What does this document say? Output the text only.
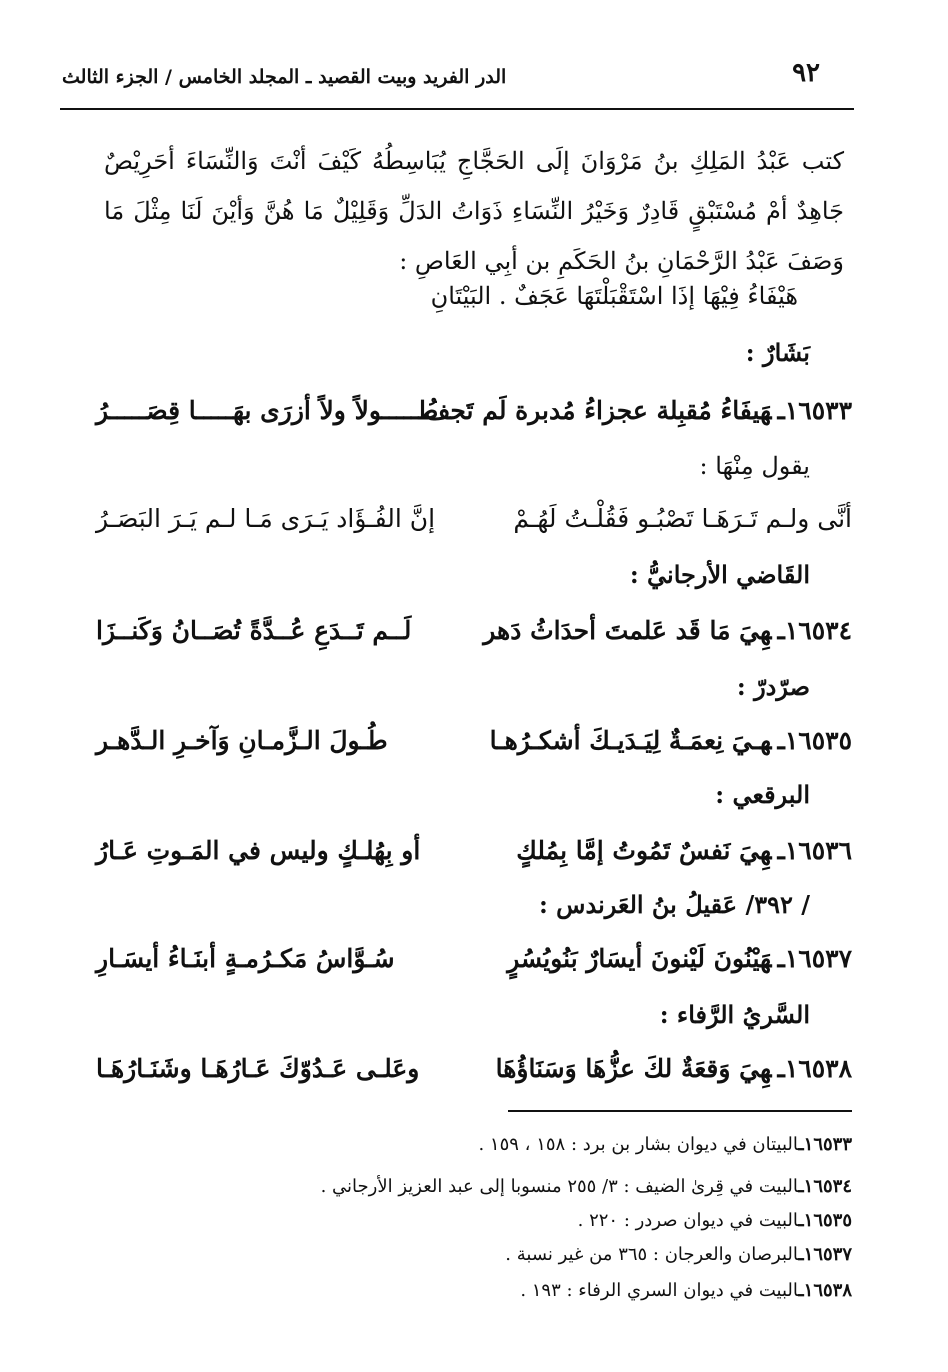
٩٢
الدر الفريد وبيت القصيد ـ المجلد الخامس / الجزء الثالث
كتب عَبْدُ المَلِكِ بنُ مَرْوَانَ إلَى الحَجَّاجِ يُبَاسِطُهُ كَيْفَ أنْتَ وَالنِّسَاءَ أحَرِيْصٌ جَاهِدٌ أمْ مُسْتَبْقٍ قَادِرٌ وَخَيْرُ النِّسَاءِ ذَوَاتُ الدَلِّ وَقَلِيْلٌ مَا هُنَّ وَأيْنَ لَنَا مِثْلَ مَا وَصَفَ عَبْدُ الرَّحْمَانِ بنُ الحَكَمِ بن أبِي العَاصِ :
هَيْفَاءُ فِيْهَا إذَا اسْتَقْبَلْتَهَا عَجَفٌ . البَيْتَانِ
بَشَارٌ :
١٦٥٣٣ـهَيفَاءُ مُقبِلة عجزاءُ مُدبرة لَم تَجفُ
طـــــولاً ولاً أزرَى بهَـــــا قِصَـــــرُ
يقول مِنْهَا :
أنَّى ولـم تَـرَهَـا تَصْبُـو فَقُلْـتُ لَهُـمْ
إنَّ الفُـؤَاد يَـرَى مَـا لـم يَـرَ البَصَـرُ
القَاضي الأرجانيُّ :
١٦٥٣٤ـهِيَ مَا قَد عَلمتَ أحدَاثُ دَهر
لَــم تَــدَعِ عُــدَّةً تُصَــانُ وَكَنــزَا
صرّدرّ :
١٦٥٣٥ـهـيَ نِعمَـةٌ لِيَـدَيـكَ أشكـرُهـا
طُـولَ الـزَّمـانِ وَآخـرِ الـدَّهـر
البرقعي :
١٦٥٣٦ـهِيَ نَفسٌ تَمُوتُ إمَّا بِمُلكٍ
أو بِهُلـكٍ وليس في المَـوتِ عَـارُ
/ ٣٩٢/ عَقيلُ بنُ العَرندس :
١٦٥٣٧ـهَيْنُونَ لَيْنونَ أيسَارٌ بَنُويُسُرٍ
سُـوَّاسُ مَكـرُمـةٍ أبنَـاءُ أيسَـارِ
السَّريُ الرَّفاء :
١٦٥٣٨ـهِيَ وَقعَةٌ لكَ عزُّهَا وَسَنَاؤُهَا
وعَلـى عَـدُوّكَ عَـارُهَـا وشَنَـارُهَـا
١٦٥٣٣ـالبيتان في ديوان بشار بن برد : ١٥٨ ، ١٥٩ .
١٦٥٣٤ـالبيت في قِرىٰ الضيف : ٣/ ٢٥٥ منسوبا إلى عبد العزيز الأرجاني .
١٦٥٣٥ـالبيت في ديوان صردر : ٢٢٠ .
١٦٥٣٧ـالبرصان والعرجان : ٣٦٥ من غير نسبة .
١٦٥٣٨ـالبيت في ديوان السري الرفاء : ١٩٣ .
